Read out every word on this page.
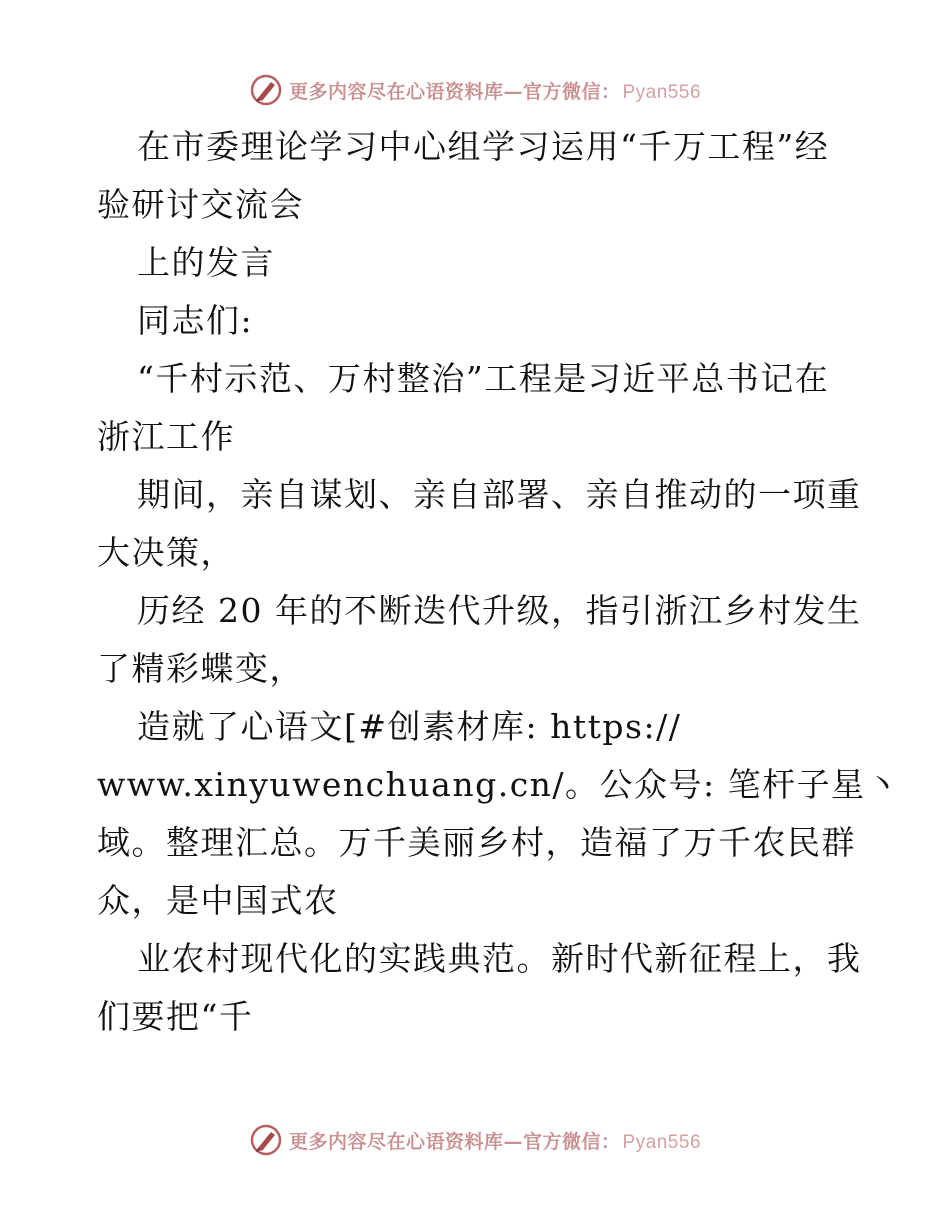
更多内容尽在心语资料库—官方微信： Pyan556
在市委理论学习中心组学习运用“千万工程”经
验研讨交流会
上的发言
同志们:
“千村示范、万村整治”工程是习近平总书记在
浙江工作
期间，亲自谋划、亲自部署、亲自推动的一项重
大决策，
历经 20 年的不断迭代升级，指引浙江乡村发生
了精彩蝶变，
造就了心语文[#创素材库: https://
www.xinyuwenchuang.cn/。公众号: 笔杆子星丶
域。整理汇总。万千美丽乡村，造福了万千农民群
众，是中国式农
业农村现代化的实践典范。新时代新征程上，我
们要把“千
更多内容尽在心语资料库—官方微信： Pyan556
